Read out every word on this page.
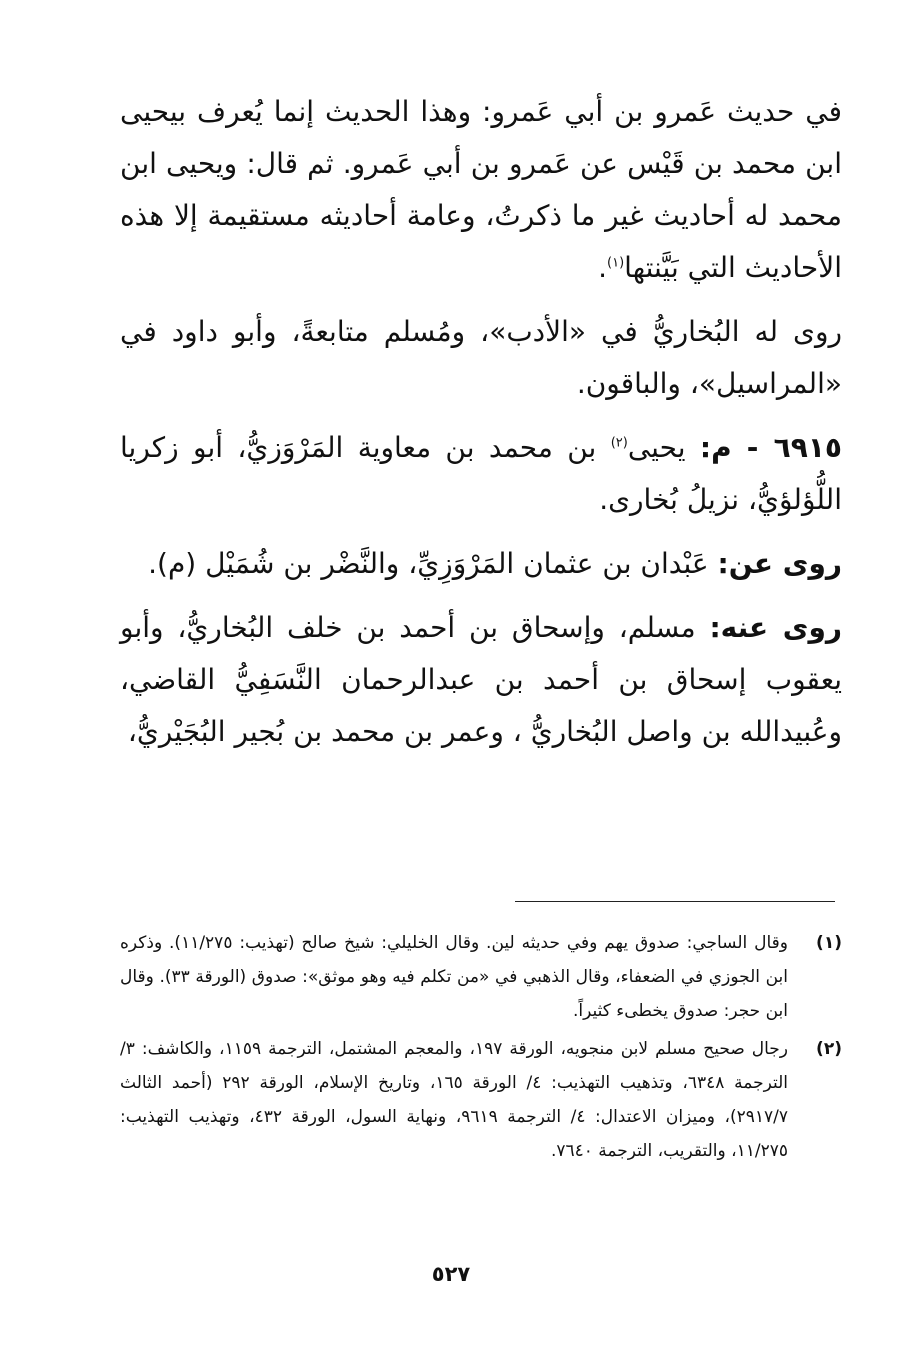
في حديث عَمرو بن أبي عَمرو: وهذا الحديث إنما يُعرف بيحيى ابن محمد بن قَيْس عن عَمرو بن أبي عَمرو. ثم قال: ويحيى ابن محمد له أحاديث غير ما ذكرتُ، وعامة أحاديثه مستقيمة إلا هذه الأحاديث التي بَيَّنتها$^{(١)}$.

روى له البُخاريُّ في «الأدب»، ومُسلم متابعةً، وأبو داود في «المراسيل»، والباقون.

٦٩١٥ - م: يحيى$^{(٢)}$ بن محمد بن معاوية المَرْوَزيُّ، أبو زكريا اللُّؤلؤيُّ، نزيلُ بُخارى.

روى عن: عَبْدان بن عثمان المَرْوَزِيِّ، والنَّضْر بن شُمَيْل (م).

روى عنه: مسلم، وإسحاق بن أحمد بن خلف البُخاريُّ، وأبو يعقوب إسحاق بن أحمد بن عبدالرحمان النَّسَفِيُّ القاضي، وعُبيدالله بن واصل البُخاريُّ ، وعمر بن محمد بن بُجير البُجَيْريُّ،

(١)
وقال الساجي: صدوق يهم وفي حديثه لين. وقال الخليلي: شيخ صالح (تهذيب: ١١/٢٧٥). وذكره ابن الجوزي في الضعفاء، وقال الذهبي في «من تكلم فيه وهو موثق»: صدوق (الورقة ٣٣). وقال ابن حجر: صدوق يخطىء كثيراً.
(٢)
رجال صحيح مسلم لابن منجويه، الورقة ١٩٧، والمعجم المشتمل، الترجمة ١١٥٩، والكاشف: ٣/ الترجمة ٦٣٤٨، وتذهيب التهذيب: ٤/ الورقة ١٦٥، وتاريخ الإسلام، الورقة ٢٩٢ (أحمد الثالث ٢٩١٧/٧)، وميزان الاعتدال: ٤/ الترجمة ٩٦١٩، ونهاية السول، الورقة ٤٣٢، وتهذيب التهذيب: ١١/٢٧٥، والتقريب، الترجمة ٧٦٤٠.
٥٢٧
